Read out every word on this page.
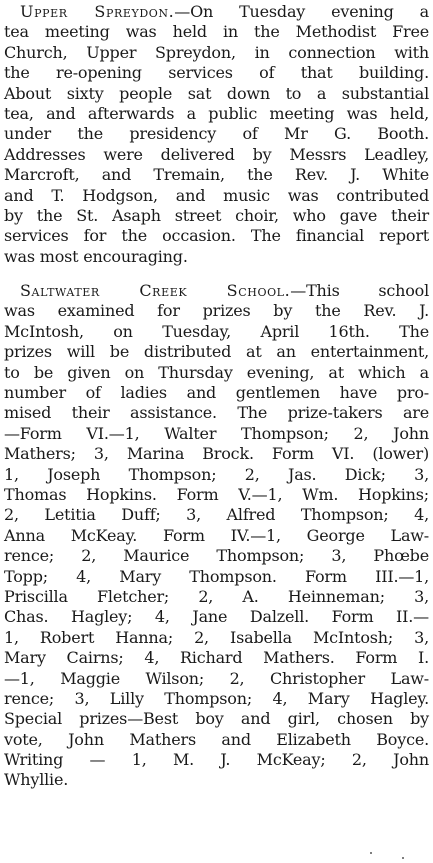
Upper Spreydon.—On Tuesday evening a
tea meeting was held in the Methodist Free
Church, Upper Spreydon, in connection with
the re-opening services of that building.
About sixty people sat down to a substantial
tea, and afterwards a public meeting was held,
under the presidency of Mr G. Booth.
Addresses were delivered by Messrs Leadley,
Marcroft, and Tremain, the Rev. J. White
and T. Hodgson, and music was contributed
by the St. Asaph street choir, who gave their
services for the occasion. The financial report
was most encouraging.

Saltwater Creek School.—This school
was examined for prizes by the Rev. J.
McIntosh, on Tuesday, April 16th. The
prizes will be distributed at an entertainment,
to be given on Thursday evening, at which a
number of ladies and gentlemen have pro-
mised their assistance. The prize-takers are
—Form VI.—1, Walter Thompson; 2, John
Mathers; 3, Marina Brock. Form VI. (lower)
1, Joseph Thompson; 2, Jas. Dick; 3,
Thomas Hopkins. Form V.—1, Wm. Hopkins;
2, Letitia Duff; 3, Alfred Thompson; 4,
Anna McKeay. Form IV.—1, George Law-
rence; 2, Maurice Thompson; 3, Phœbe
Topp; 4, Mary Thompson. Form III.—1,
Priscilla Fletcher; 2, A. Heinneman; 3,
Chas. Hagley; 4, Jane Dalzell. Form II.—
1, Robert Hanna; 2, Isabella McIntosh; 3,
Mary Cairns; 4, Richard Mathers. Form I.
—1, Maggie Wilson; 2, Christopher Law-
rence; 3, Lilly Thompson; 4, Mary Hagley.
Special prizes—Best boy and girl, chosen by
vote, John Mathers and Elizabeth Boyce.
Writing — 1, M. J. McKeay; 2, John
Whyllie.
